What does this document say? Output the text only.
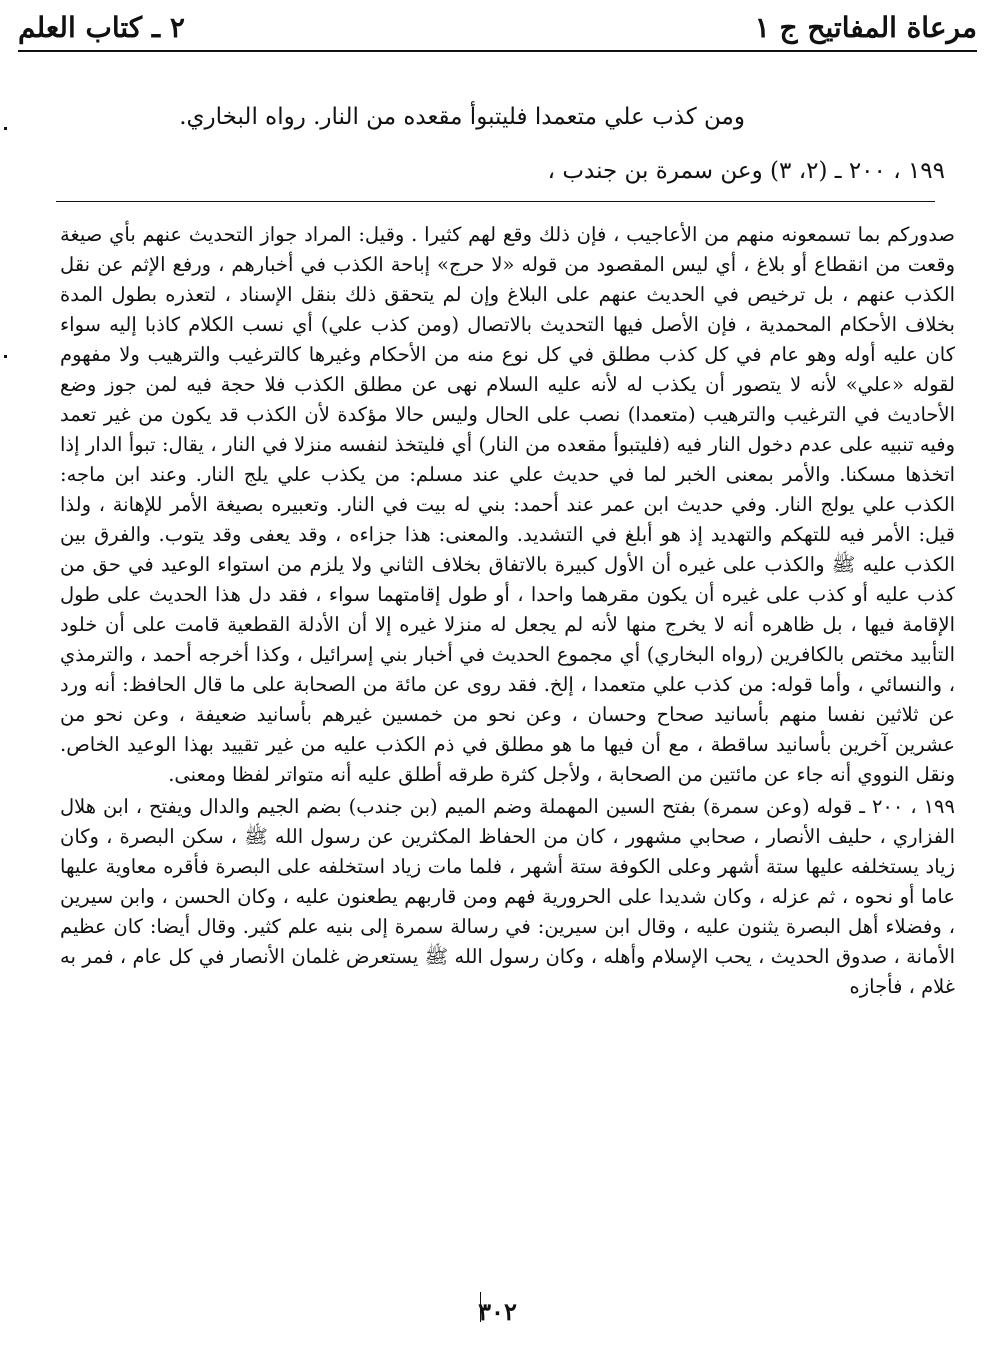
مرعاة المفاتيح ج ١
٢ ـ كتاب العلم
ومن كذب علي متعمدا فليتبوأ مقعده من النار. رواه البخاري.
١٩٩ ، ٢٠٠ ـ (٢، ٣) وعن سمرة بن جندب ،

صدوركم بما تسمعونه منهم من الأعاجيب ، فإن ذلك وقع لهم كثيرا . وقيل: المراد جواز التحديث عنهم بأي صيغة وقعت من انقطاع أو بلاغ ، أي ليس المقصود من قوله «لا حرج» إباحة الكذب في أخبارهم ، ورفع الإثم عن نقل الكذب عنهم ، بل ترخيص في الحديث عنهم على البلاغ وإن لم يتحقق ذلك بنقل الإسناد ، لتعذره بطول المدة بخلاف الأحكام المحمدية ، فإن الأصل فيها التحديث بالاتصال (ومن كذب علي) أي نسب الكلام كاذبا إليه سواء كان عليه أوله وهو عام في كل كذب مطلق في كل نوع منه من الأحكام وغيرها كالترغيب والترهيب ولا مفهوم لقوله «علي» لأنه لا يتصور أن يكذب له لأنه عليه السلام نهى عن مطلق الكذب فلا حجة فيه لمن جوز وضع الأحاديث في الترغيب والترهيب (متعمدا) نصب على الحال وليس حالا مؤكدة لأن الكذب قد يكون من غير تعمد وفيه تنبيه على عدم دخول النار فيه (فليتبوأ مقعده من النار) أي فليتخذ لنفسه منزلا في النار ، يقال: تبوأ الدار إذا اتخذها مسكنا. والأمر بمعنى الخبر لما في حديث علي عند مسلم: من يكذب علي يلج النار. وعند ابن ماجه: الكذب علي يولج النار. وفي حديث ابن عمر عند أحمد: بني له بيت في النار. وتعبيره بصيغة الأمر للإهانة ، ولذا قيل: الأمر فيه للتهكم والتهديد إذ هو أبلغ في التشديد. والمعنى: هذا جزاءه ، وقد يعفى وقد يتوب. والفرق بين الكذب عليه ﷺ والكذب على غيره أن الأول كبيرة بالاتفاق بخلاف الثاني ولا يلزم من استواء الوعيد في حق من كذب عليه أو كذب على غيره أن يكون مقرهما واحدا ، أو طول إقامتهما سواء ، فقد دل هذا الحديث على طول الإقامة فيها ، بل ظاهره أنه لا يخرج منها لأنه لم يجعل له منزلا غيره إلا أن الأدلة القطعية قامت على أن خلود التأبيد مختص بالكافرين (رواه البخاري) أي مجموع الحديث في أخبار بني إسرائيل ، وكذا أخرجه أحمد ، والترمذي ، والنسائي ، وأما قوله: من كذب علي متعمدا ، إلخ. فقد روى عن مائة من الصحابة على ما قال الحافظ: أنه ورد عن ثلاثين نفسا منهم بأسانيد صحاح وحسان ، وعن نحو من خمسين غيرهم بأسانيد ضعيفة ، وعن نحو من عشرين آخرين بأسانيد ساقطة ، مع أن فيها ما هو مطلق في ذم الكذب عليه من غير تقييد بهذا الوعيد الخاص. ونقل النووي أنه جاء عن مائتين من الصحابة ، ولأجل كثرة طرقه أطلق عليه أنه متواتر لفظا ومعنى.

١٩٩ ، ٢٠٠ ـ قوله (وعن سمرة) بفتح السين المهملة وضم الميم (بن جندب) بضم الجيم والدال ويفتح ، ابن هلال الفزاري ، حليف الأنصار ، صحابي مشهور ، كان من الحفاظ المكثرين عن رسول الله ﷺ ، سكن البصرة ، وكان زياد يستخلفه عليها ستة أشهر وعلى الكوفة ستة أشهر ، فلما مات زياد استخلفه على البصرة فأقره معاوية عليها عاما أو نحوه ، ثم عزله ، وكان شديدا على الحرورية فهم ومن قاربهم يطعنون عليه ، وكان الحسن ، وابن سيرين ، وفضلاء أهل البصرة يثنون عليه ، وقال ابن سيرين: في رسالة سمرة إلى بنيه علم كثير. وقال أيضا: كان عظيم الأمانة ، صدوق الحديث ، يحب الإسلام وأهله ، وكان رسول الله ﷺ يستعرض غلمان الأنصار في كل عام ، فمر به غلام ، فأجازه

٣٠٢
